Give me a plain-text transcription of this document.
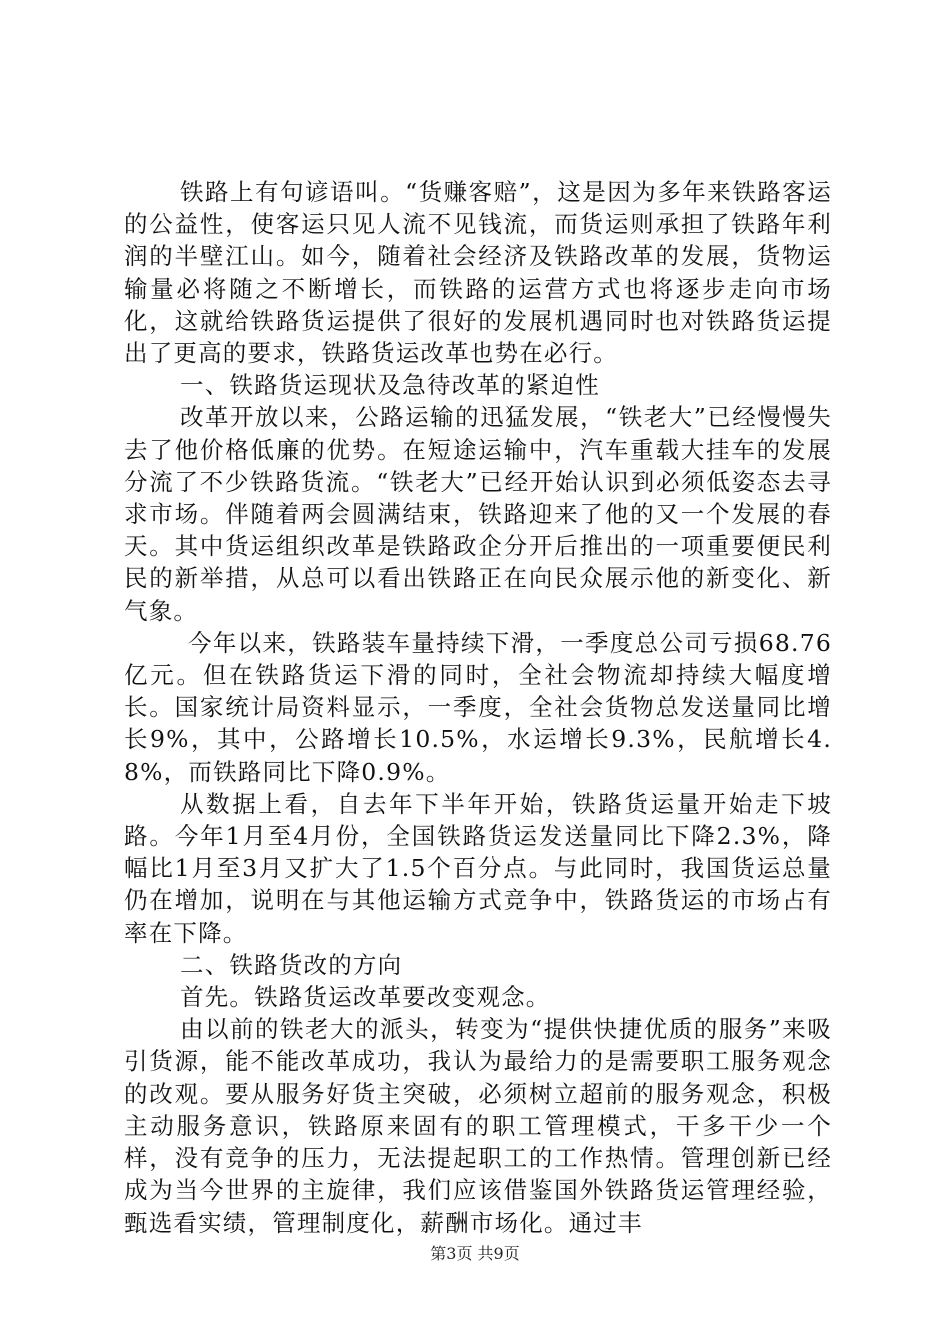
铁路上有句谚语叫。“货赚客赔”，这是因为多年来铁路客运的公益性，使客运只见人流不见钱流，而货运则承担了铁路年利润的半壁江山。如今，随着社会经济及铁路改革的发展，货物运输量必将随之不断增长，而铁路的运营方式也将逐步走向市场化，这就给铁路货运提供了很好的发展机遇同时也对铁路货运提出了更高的要求，铁路货运改革也势在必行。

一、铁路货运现状及急待改革的紧迫性

改革开放以来，公路运输的迅猛发展，“铁老大”已经慢慢失去了他价格低廉的优势。在短途运输中，汽车重载大挂车的发展分流了不少铁路货流。“铁老大”已经开始认识到必须低姿态去寻求市场。伴随着两会圆满结束，铁路迎来了他的又一个发展的春天。其中货运组织改革是铁路政企分开后推出的一项重要便民利民的新举措，从总可以看出铁路正在向民众展示他的新变化、新气象。

今年以来，铁路装车量持续下滑，一季度总公司亏损68.76亿元。但在铁路货运下滑的同时，全社会物流却持续大幅度增长。国家统计局资料显示，一季度，全社会货物总发送量同比增长9%，其中，公路增长10.5%，水运增长9.3%，民航增长4.8%，而铁路同比下降0.9%。

从数据上看，自去年下半年开始，铁路货运量开始走下坡路。今年1月至4月份，全国铁路货运发送量同比下降2.3%，降幅比1月至3月又扩大了1.5个百分点。与此同时，我国货运总量仍在增加，说明在与其他运输方式竞争中，铁路货运的市场占有率在下降。

二、铁路货改的方向

首先。铁路货运改革要改变观念。

由以前的铁老大的派头，转变为“提供快捷优质的服务”来吸引货源，能不能改革成功，我认为最给力的是需要职工服务观念的改观。要从服务好货主突破，必须树立超前的服务观念，积极主动服务意识，铁路原来固有的职工管理模式，干多干少一个样，没有竞争的压力，无法提起职工的工作热情。管理创新已经成为当今世界的主旋律，我们应该借鉴国外铁路货运管理经验，甄选看实绩，管理制度化，薪酬市场化。通过丰

第3页 共9页
